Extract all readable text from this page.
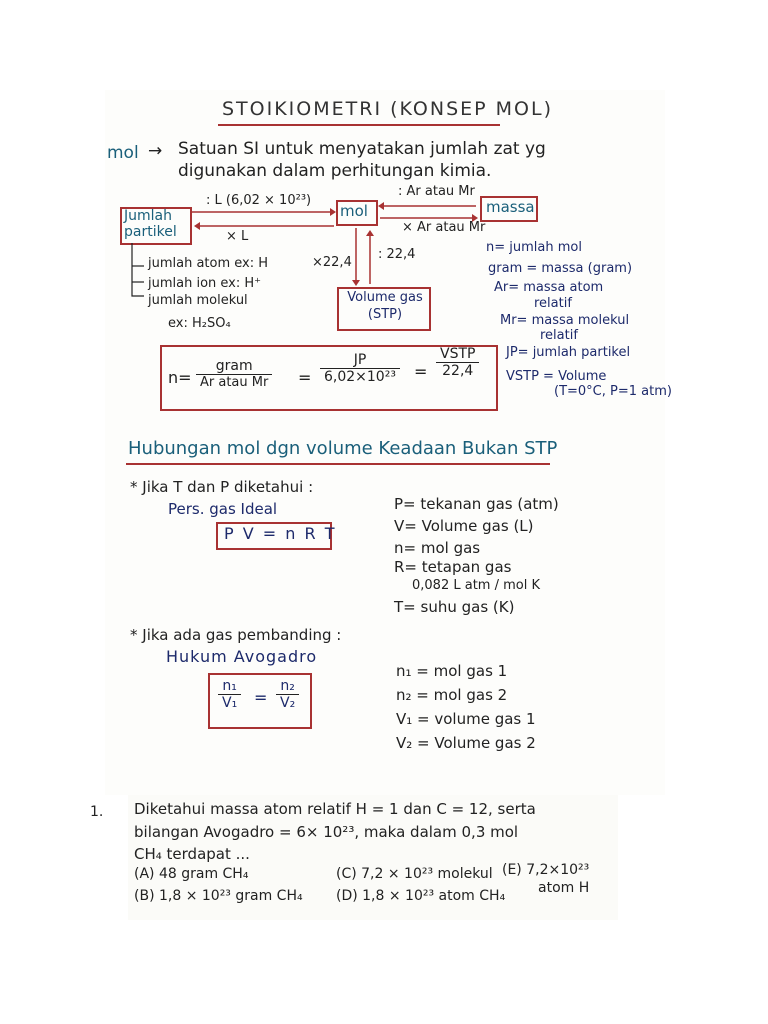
STOIKIOMETRI (KONSEP MOL)
mol → Satuan SI untuk menyatakan jumlah zat yg
digunakan dalam perhitungan kimia.
Jumlah partikel
mol	massa
Volume gas (STP)
: L (6,02 × 10²³)
× L
: Ar atau Mr
× Ar atau Mr
×22,4
: 22,4
jumlah atom ex: H
jumlah ion ex: H⁺
jumlah molekul
ex: H₂SO₄
n= jumlah mol
gram = massa (gram)
Ar= massa atom
relatif
Mr= massa molekul
relatif
JP= jumlah partikel
VSTP = Volume
(T=0°C, P=1 atm)
n=
gram
Ar atau $Mr = \frac{JP}{\text{6,02×10²³}}$ =
VSTP
22,4
Hubungan mol dgn volume Keadaan Bukan STP
* Jika T dan P diketahui :
Pers. gas Ideal
P V = n R T
P= tekanan gas (atm)
V= Volume gas (L)
n= mol gas
R= tetapan gas
0,082 L atm / mol K
T= suhu gas (K)
* Jika ada gas pembanding :
Hukum Avogadro
$\frac{\text{n₁}}{\text{V₁}} = \frac{\text{n₂}}{\text{V₂}}$
n₁ = mol gas 1
n₂ = mol gas 2
V₁ = volume gas 1
V₂ = Volume gas 2
1. Diketahui massa atom relatif H = 1 dan C = 12, serta
bilangan Avogadro = 6× 10²³, maka dalam 0,3 mol
CH₄ terdapat ...
(A) 48 gram CH₄
(B) 1,8 × 10²³ gram CH₄
(C) 7,2 × 10²³ molekul
(D) 1,8 × 10²³ atom CH₄
(E) 7,2×10²³
atom H
